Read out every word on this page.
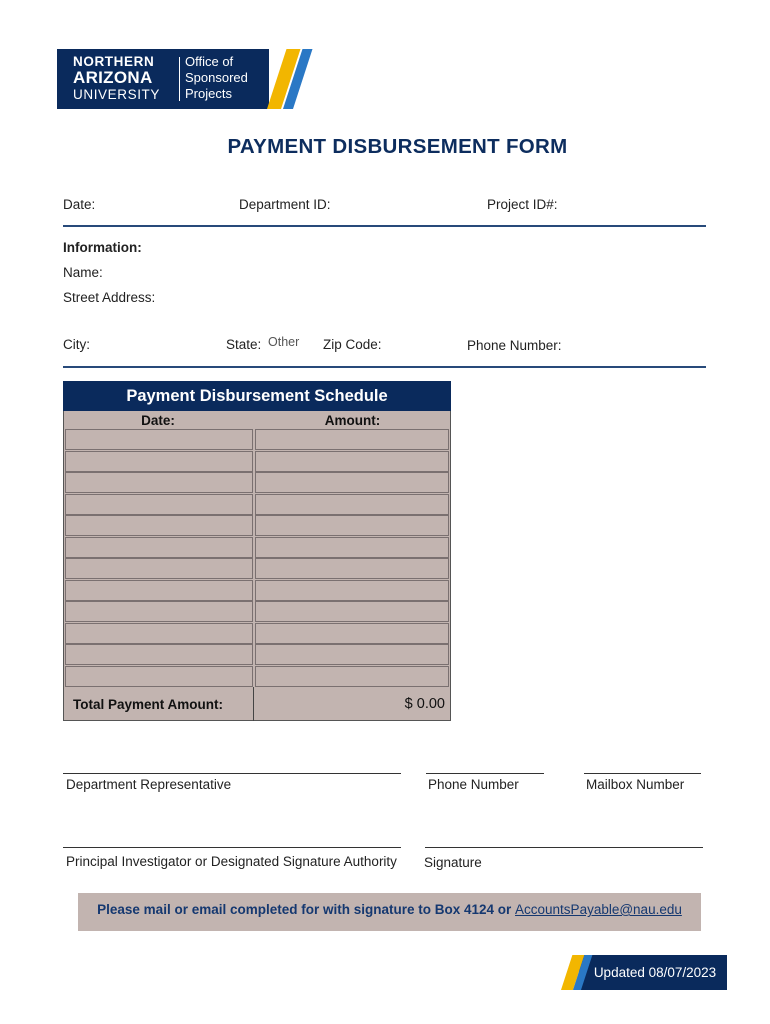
NORTHERN
ARIZONA
UNIVERSITY
Office of
Sponsored
Projects
PAYMENT DISBURSEMENT FORM
Date:	Department ID:	Project ID#:
Information:
Name:
Street Address:
City:	State: Other Zip Code:	Phone Number:
Payment Disbursement Schedule
Date:	Amount:
Total Payment Amount:	$ 0.00
Department Representative	Phone Number	Mailbox Number
Principal Investigator or Designated Signature Authority Signature
Please mail or email completed for with signature to Box 4124 or AccountsPayable@nau.edu
Updated 08/07/2023
